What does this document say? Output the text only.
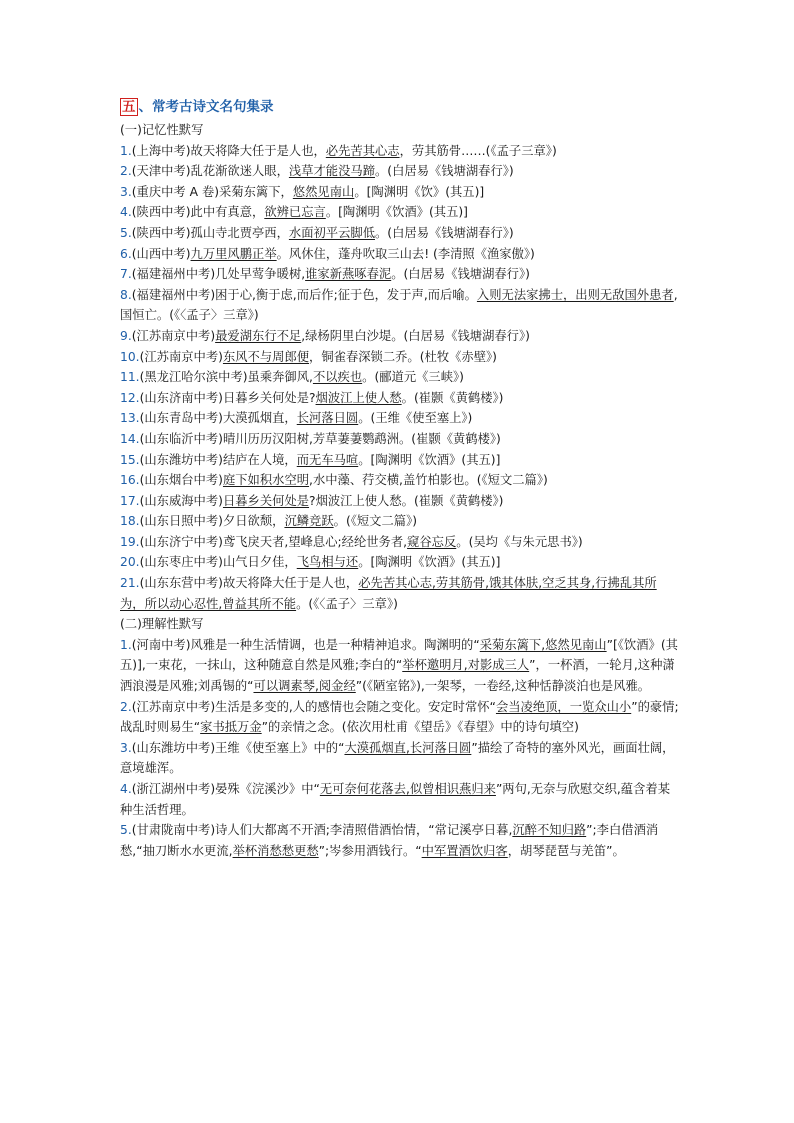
五 、常考古诗文名句集录
(一)记忆性默写
1.(上海中考)故天将降大任于是人也，必先苦其心志，劳其筋骨……(《孟子三章》)
2.(天津中考)乱花渐欲迷人眼，浅草才能没马蹄。(白居易《钱塘湖春行》)
3.(重庆中考 A 卷)采菊东篱下，悠然见南山。[陶渊明《饮》(其五)]
4.(陕西中考)此中有真意，欲辨已忘言。[陶渊明《饮酒》(其五)]
5.(陕西中考)孤山寺北贾亭西，水面初平云脚低。(白居易《钱塘湖春行》)
6.(山西中考)九万里风鹏正举。风休住，蓬舟吹取三山去! (李清照《渔家傲》)
7.(福建福州中考)几处早莺争暖树,谁家新燕啄春泥。(白居易《钱塘湖春行》)
8.(福建福州中考)困于心,衡于虑,而后作;征于色，发于声,而后喻。入则无法家拂士，出则无敌国外患者,国恒亡。(《〈孟子〉三章》)
9.(江苏南京中考)最爱湖东行不足,绿杨阴里白沙堤。(白居易《钱塘湖春行》)
10.(江苏南京中考)东风不与周郎便，铜雀春深锁二乔。(杜牧《赤壁》)
11.(黑龙江哈尔滨中考)虽乘奔御风,不以疾也。(郦道元《三峡》)
12.(山东济南中考)日暮乡关何处是?烟波江上使人愁。(崔颢《黄鹤楼》)
13.(山东青岛中考)大漠孤烟直，长河落日圆。(王维《使至塞上》)
14.(山东临沂中考)晴川历历汉阳树,芳草萋萋鹦鹉洲。(崔颢《黄鹤楼》)
15.(山东潍坊中考)结庐在人境，而无车马喧。[陶渊明《饮酒》(其五)]
16.(山东烟台中考)庭下如积水空明,水中藻、荇交横,盖竹柏影也。(《短文二篇》)
17.(山东威海中考)日暮乡关何处是?烟波江上使人愁。(崔颢《黄鹤楼》)
18.(山东日照中考)夕日欲颓，沉鳞竞跃。(《短文二篇》)
19.(山东济宁中考)鸢飞戾天者,望峰息心;经纶世务者,窥谷忘反。(吴均《与朱元思书》)
20.(山东枣庄中考)山气日夕佳，飞鸟相与还。[陶渊明《饮酒》(其五)]
21.(山东东营中考)故天将降大任于是人也，必先苦其心志,劳其筋骨,饿其体肤,空乏其身,行拂乱其所为，所以动心忍性,曾益其所不能。(《〈孟子〉三章》)
(二)理解性默写
1.(河南中考)风雅是一种生活情调，也是一种精神追求。陶渊明的“采菊东篱下,悠然见南山”[《饮酒》(其五)],一束花，一抹山，这种随意自然是风雅;李白的“举杯邀明月,对影成三人”，一杯酒，一轮月,这种潇洒浪漫是风雅;刘禹锡的“可以调素琴,阅金经”(《陋室铭》),一架琴，一卷经,这种恬静淡泊也是风雅。
2.(江苏南京中考)生活是多变的,人的感情也会随之变化。安定时常怀“会当凌绝顶，一览众山小”的豪情;战乱时则易生“家书抵万金”的亲情之念。(依次用杜甫《望岳》《春望》中的诗句填空)
3.(山东潍坊中考)王维《使至塞上》中的“大漠孤烟直,长河落日圆”描绘了奇特的塞外风光，画面壮阔，意境雄浑。
4.(浙江湖州中考)晏殊《浣溪沙》中“无可奈何花落去,似曾相识燕归来”两句,无奈与欣慰交织,蕴含着某种生活哲理。
5.(甘肃陇南中考)诗人们大都离不开酒;李清照借酒怡情，“常记溪亭日暮,沉醉不知归路”;李白借酒消愁,“抽刀断水水更流,举杯消愁愁更愁”;岑参用酒钱行。“中军置酒饮归客，胡琴琵琶与羌笛”。
